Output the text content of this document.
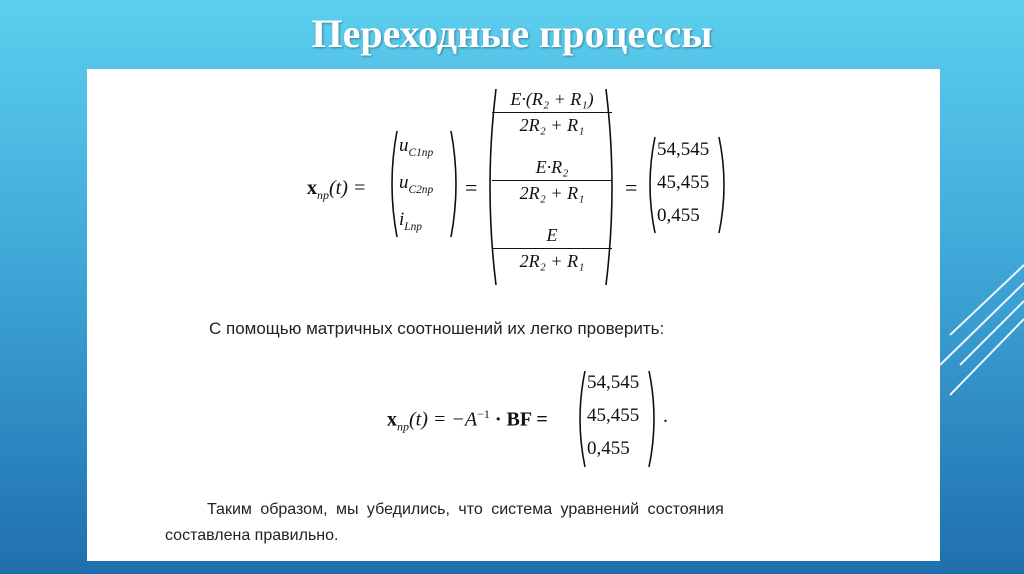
Переходные процессы
$x_{пр}(t)$ =
$u_{C1пр}$
$u_{C2пр}$
$i_{Lпр}$
=
$\frac{\text{E·(R₂ + R₁)}}{\text{2R₂ + R₁}}$
$\frac{\text{E·R₂}}{\text{2R₂ + R₁}}$
$\frac{E}{\text{2R₂ + R₁}}$
=
54,545
45,455
0,455
С помощью матричных соотношений их легко проверить:
$x_{пр}(t) = -A^{-1}$ · BF =
54,545
45,455
0,455
.
Таким образом, мы убедились, что система уравнений состояния
составлена правильно.
